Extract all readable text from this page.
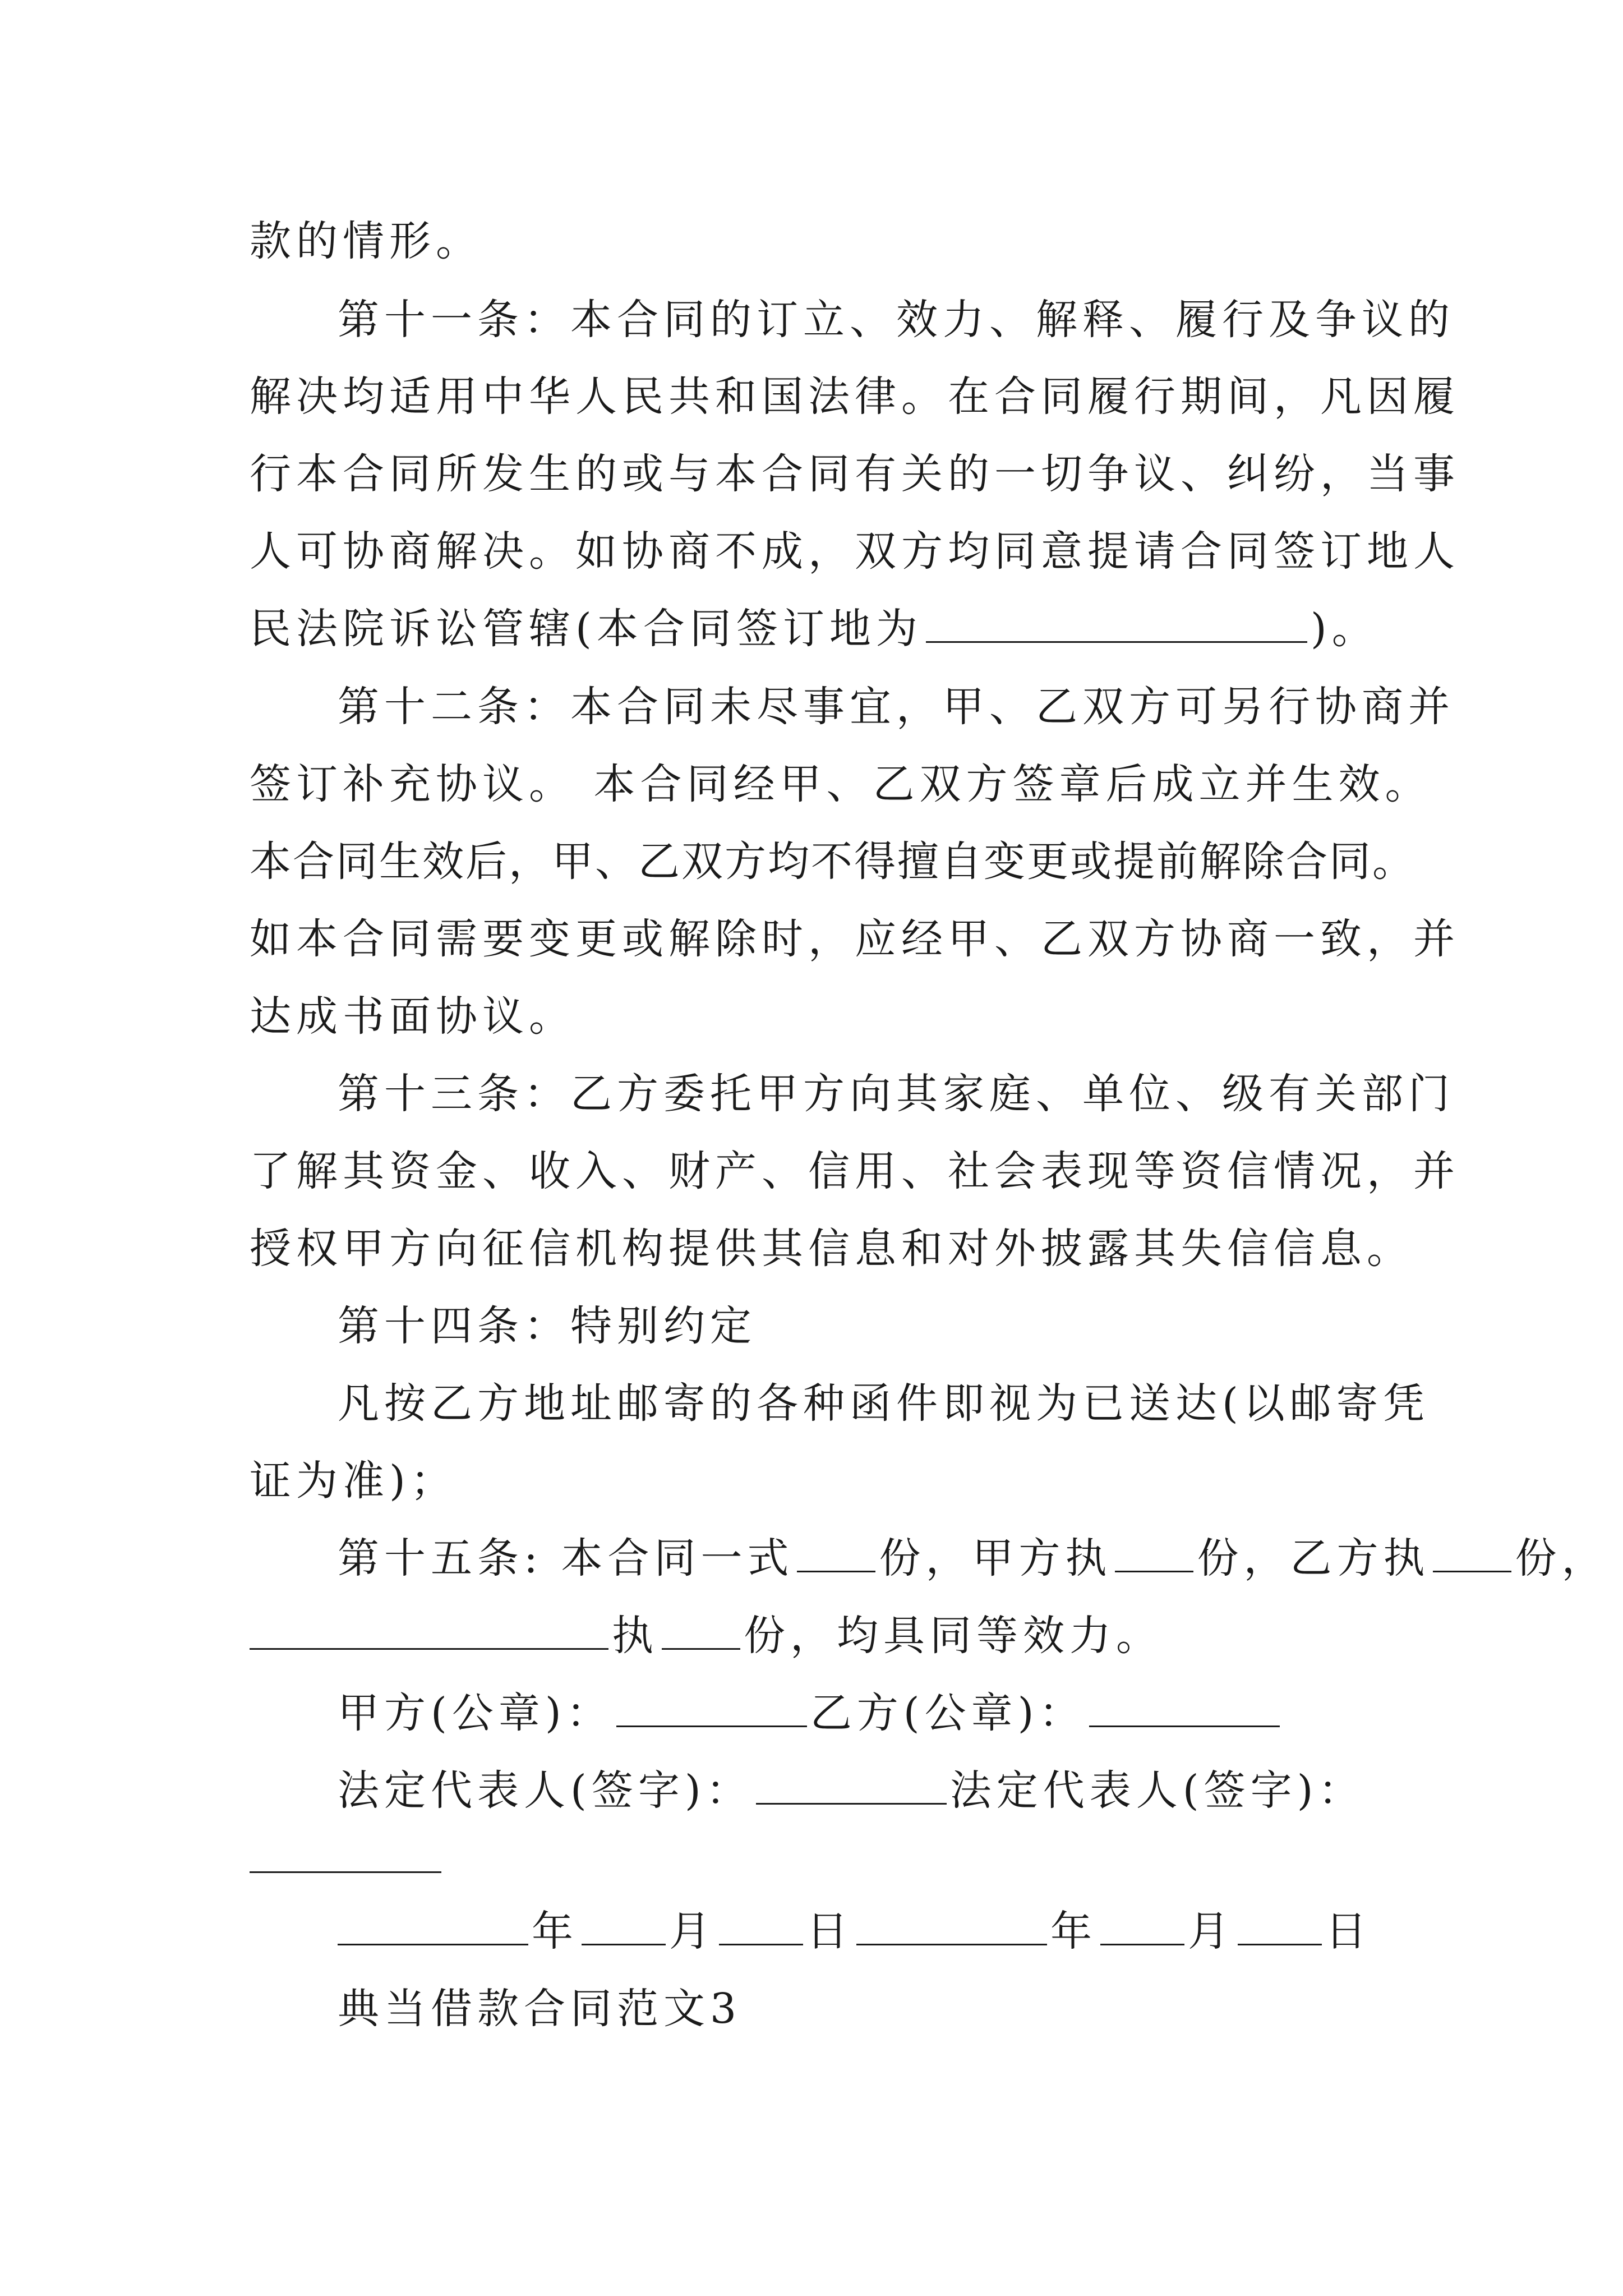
款的情形。
第十一条：本合同的订立、效力、解释、履行及争议的
解决均适用中华人民共和国法律。在合同履行期间，凡因履
行本合同所发生的或与本合同有关的一切争议、纠纷，当事
人可协商解决。如协商不成，双方均同意提请合同签订地人
民法院诉讼管辖(本合同签订地为	)。
第十二条：本合同未尽事宜，甲、乙双方可另行协商并
签订补充协议。 本合同经甲、乙双方签章后成立并生效。
本合同生效后，甲、乙双方均不得擅自变更或提前解除合同。
如本合同需要变更或解除时，应经甲、乙双方协商一致，并
达成书面协议。
第十三条：乙方委托甲方向其家庭、单位、级有关部门
了解其资金、收入、财产、信用、社会表现等资信情况，并
授权甲方向征信机构提供其信息和对外披露其失信信息。
第十四条：特别约定
凡按乙方地址邮寄的各种函件即视为已送达(以邮寄凭
证为准)；
第十五条: 本合同一式 份，甲方执 份，乙方执 份，
执 份，均具同等效力。
甲方(公章)：	乙方(公章)：
法定代表人(签字)：	法定代表人(签字)：
年 月 日	年 月 日
典当借款合同范文3
